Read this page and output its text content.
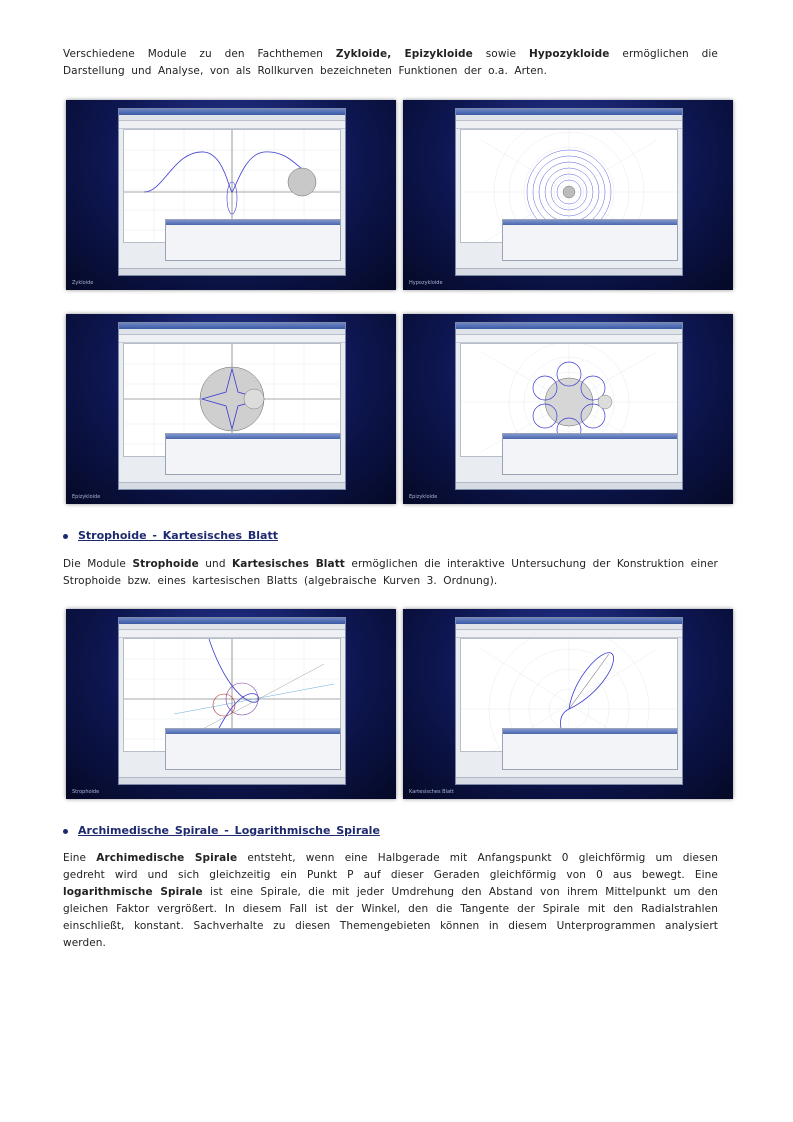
Verschiedene Module zu den Fachthemen Zykloide, Epizykloide sowie Hypozykloide ermöglichen die Darstellung und Analyse, von als Rollkurven bezeichneten Funktionen der o.a. Arten.
Zykloide	Hypozykloide
Epizykloide	Epizykloide
Strophoide - Kartesisches Blatt
Die Module Strophoide und Kartesisches Blatt ermöglichen die interaktive Untersuchung der Konstruktion einer Strophoide bzw. eines kartesischen Blatts (algebraische Kurven 3. Ordnung).
Strophoide	Kartesisches Blatt
Archimedische Spirale - Logarithmische Spirale
Eine Archimedische Spirale entsteht, wenn eine Halbgerade mit Anfangspunkt 0 gleichförmig um diesen gedreht wird und sich gleichzeitig ein Punkt P auf dieser Geraden gleichförmig von 0 aus bewegt. Eine logarithmische Spirale ist eine Spirale, die mit jeder Umdrehung den Abstand von ihrem Mittelpunkt um den gleichen Faktor vergrößert. In diesem Fall ist der Winkel, den die Tangente der Spirale mit den Radialstrahlen einschließt, konstant. Sachverhalte zu diesen Themengebieten können in diesem Unterprogrammen analysiert werden.
